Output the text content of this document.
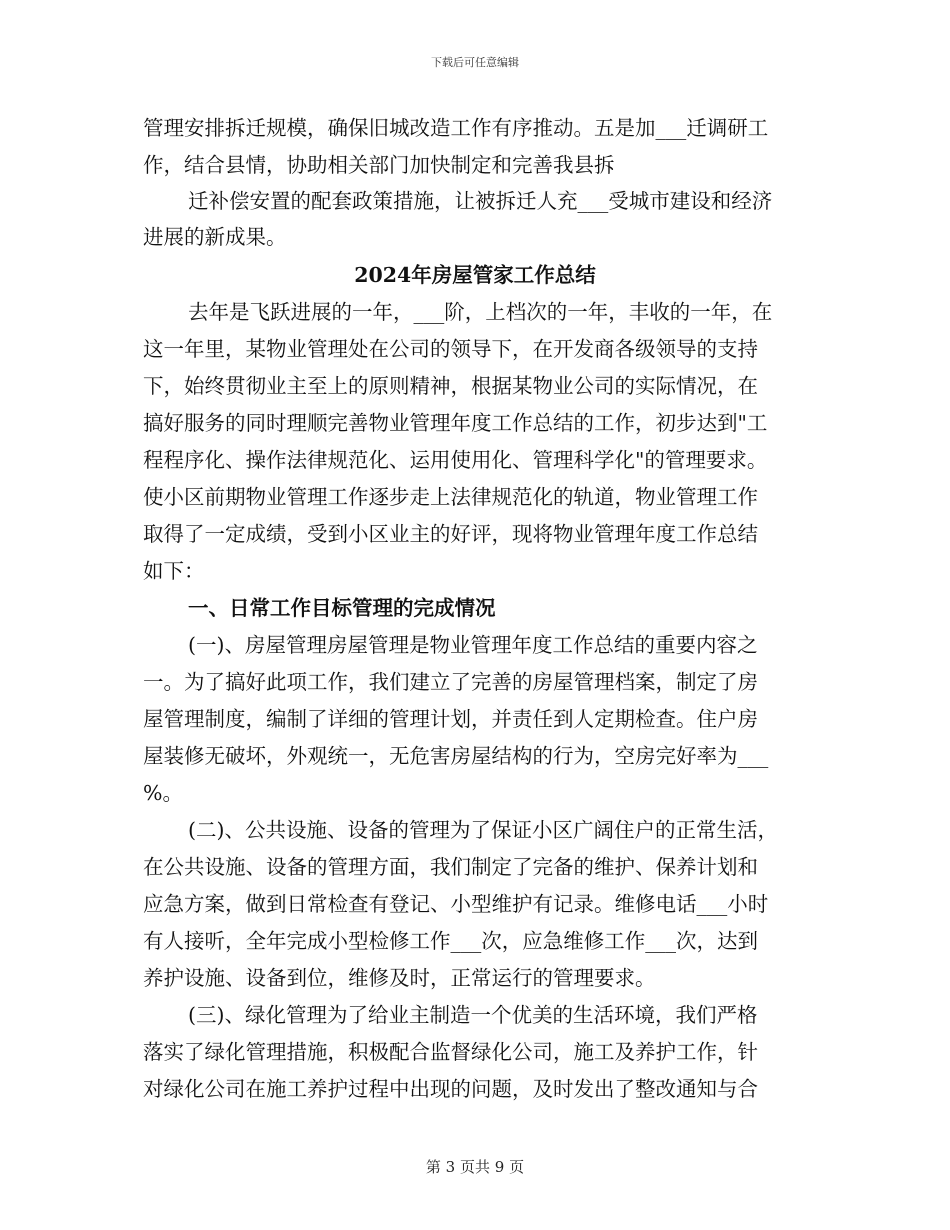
下载后可任意编辑
管理安排拆迁规模，确保旧城改造工作有序推动。五是加___迁调研工
作，结合县情，协助相关部门加快制定和完善我县拆
迁补偿安置的配套政策措施，让被拆迁人充___受城市建设和经济
进展的新成果。
2024年房屋管家工作总结
去年是飞跃进展的一年，___阶，上档次的一年，丰收的一年，在
这一年里，某物业管理处在公司的领导下，在开发商各级领导的支持
下，始终贯彻业主至上的原则精神，根据某物业公司的实际情况，在
搞好服务的同时理顺完善物业管理年度工作总结的工作，初步达到"工
程程序化、操作法律规范化、运用使用化、管理科学化"的管理要求。
使小区前期物业管理工作逐步走上法律规范化的轨道，物业管理工作
取得了一定成绩，受到小区业主的好评，现将物业管理年度工作总结
如下：
一、日常工作目标管理的完成情况
(一)、房屋管理房屋管理是物业管理年度工作总结的重要内容之
一。为了搞好此项工作，我们建立了完善的房屋管理档案，制定了房
屋管理制度，编制了详细的管理计划，并责任到人定期检查。住户房
屋装修无破坏，外观统一，无危害房屋结构的行为，空房完好率为___
%。
(二)、公共设施、设备的管理为了保证小区广阔住户的正常生活，
在公共设施、设备的管理方面，我们制定了完备的维护、保养计划和
应急方案，做到日常检查有登记、小型维护有记录。维修电话___小时
有人接听，全年完成小型检修工作___次，应急维修工作___次，达到
养护设施、设备到位，维修及时，正常运行的管理要求。
(三)、绿化管理为了给业主制造一个优美的生活环境，我们严格
落实了绿化管理措施，积极配合监督绿化公司，施工及养护工作，针
对绿化公司在施工养护过程中出现的问题，及时发出了整改通知与合
第 3 页共 9 页
